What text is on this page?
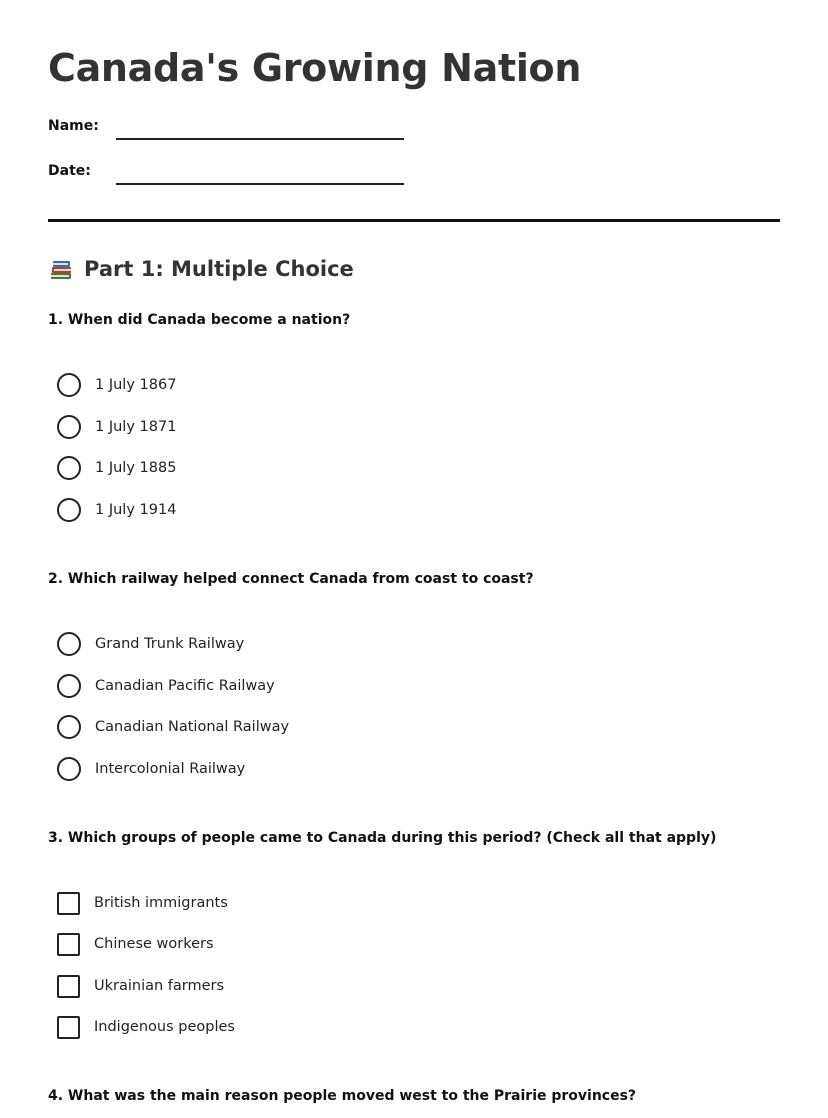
Canada's Growing Nation
Name:
Date:
Part 1: Multiple Choice

1. When did Canada become a nation?

1 July 1867
1 July 1871
1 July 1885
1 July 1914

2. Which railway helped connect Canada from coast to coast?

Grand Trunk Railway
Canadian Pacific Railway
Canadian National Railway
Intercolonial Railway

3. Which groups of people came to Canada during this period? (Check all that apply)

British immigrants
Chinese workers
Ukrainian farmers
Indigenous peoples

4. What was the main reason people moved west to the Prairie provinces?
